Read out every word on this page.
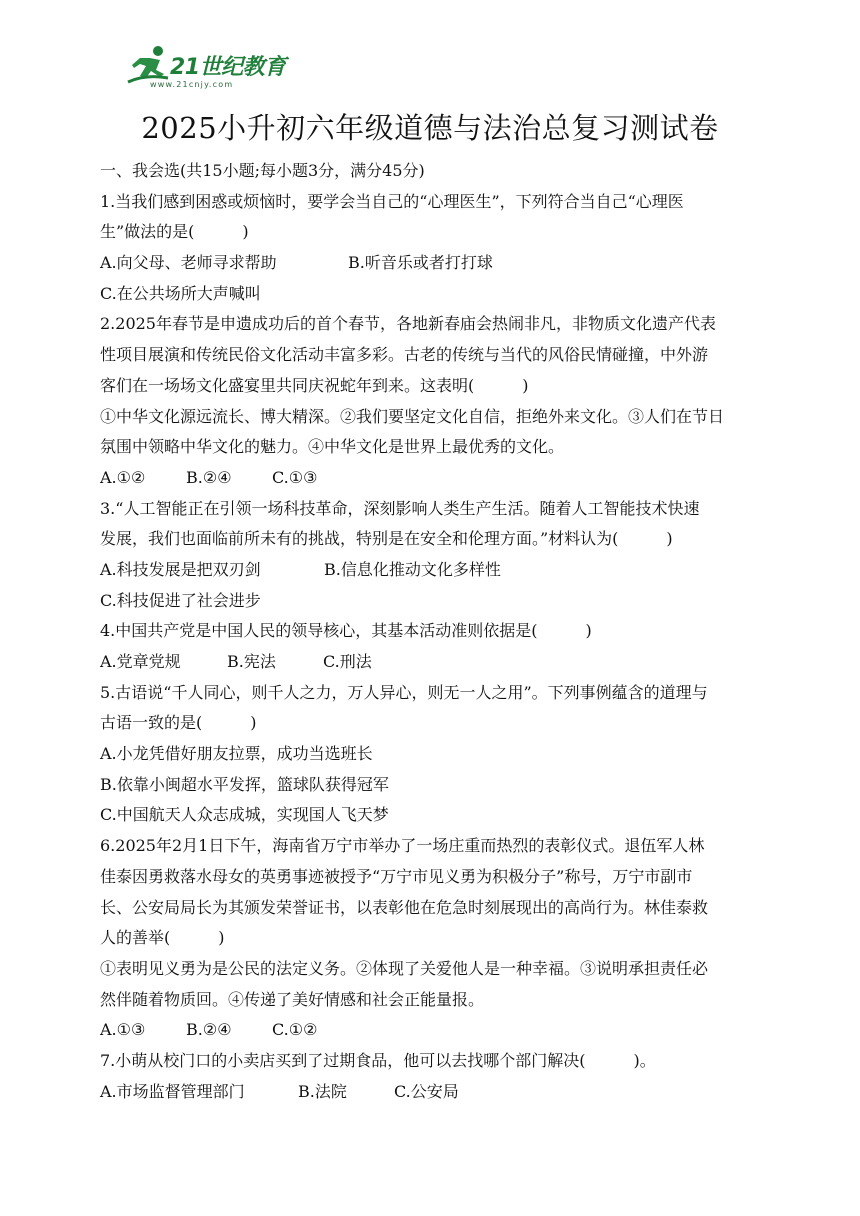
21世纪教育
www.21cnjy.com
2025小升初六年级道德与法治总复习测试卷
一、我会选(共15小题;每小题3分，满分45分)
1.当我们感到困惑或烦恼时，要学会当自己的“心理医生”，下列符合当自己“心理医
生”做法的是(　　　)
A.向父母、老师寻求帮助	B.听音乐或者打打球
C.在公共场所大声喊叫
2.2025年春节是申遗成功后的首个春节，各地新春庙会热闹非凡，非物质文化遗产代表
性项目展演和传统民俗文化活动丰富多彩。古老的传统与当代的风俗民情碰撞，中外游
客们在一场场文化盛宴里共同庆祝蛇年到来。这表明(　　　)
①中华文化源远流长、博大精深。②我们要坚定文化自信，拒绝外来文化。③人们在节日
氛围中领略中华文化的魅力。④中华文化是世界上最优秀的文化。
A.①②	B.②④	C.①③
3.“人工智能正在引领一场科技革命，深刻影响人类生产生活。随着人工智能技术快速
发展，我们也面临前所未有的挑战，特别是在安全和伦理方面。”材料认为(　　　)
A.科技发展是把双刃剑	B.信息化推动文化多样性
C.科技促进了社会进步
4.中国共产党是中国人民的领导核心，其基本活动准则依据是(　　　)
A.党章党规	B.宪法	C.刑法
5.古语说“千人同心，则千人之力，万人异心，则无一人之用”。下列事例蕴含的道理与
古语一致的是(　　　)
A.小龙凭借好朋友拉票，成功当选班长
B.依靠小闽超水平发挥，篮球队获得冠军
C.中国航天人众志成城，实现国人飞天梦
6.2025年2月1日下午，海南省万宁市举办了一场庄重而热烈的表彰仪式。退伍军人林
佳泰因勇救落水母女的英勇事迹被授予“万宁市见义勇为积极分子”称号，万宁市副市
长、公安局局长为其颁发荣誉证书，以表彰他在危急时刻展现出的高尚行为。林佳泰救
人的善举(　　　)
①表明见义勇为是公民的法定义务。②体现了关爱他人是一种幸福。③说明承担责任必
然伴随着物质回。④传递了美好情感和社会正能量报。
A.①③	B.②④	C.①②
7.小萌从校门口的小卖店买到了过期食品，他可以去找哪个部门解决(　　　)。
A.市场监督管理部门	B.法院	C.公安局
